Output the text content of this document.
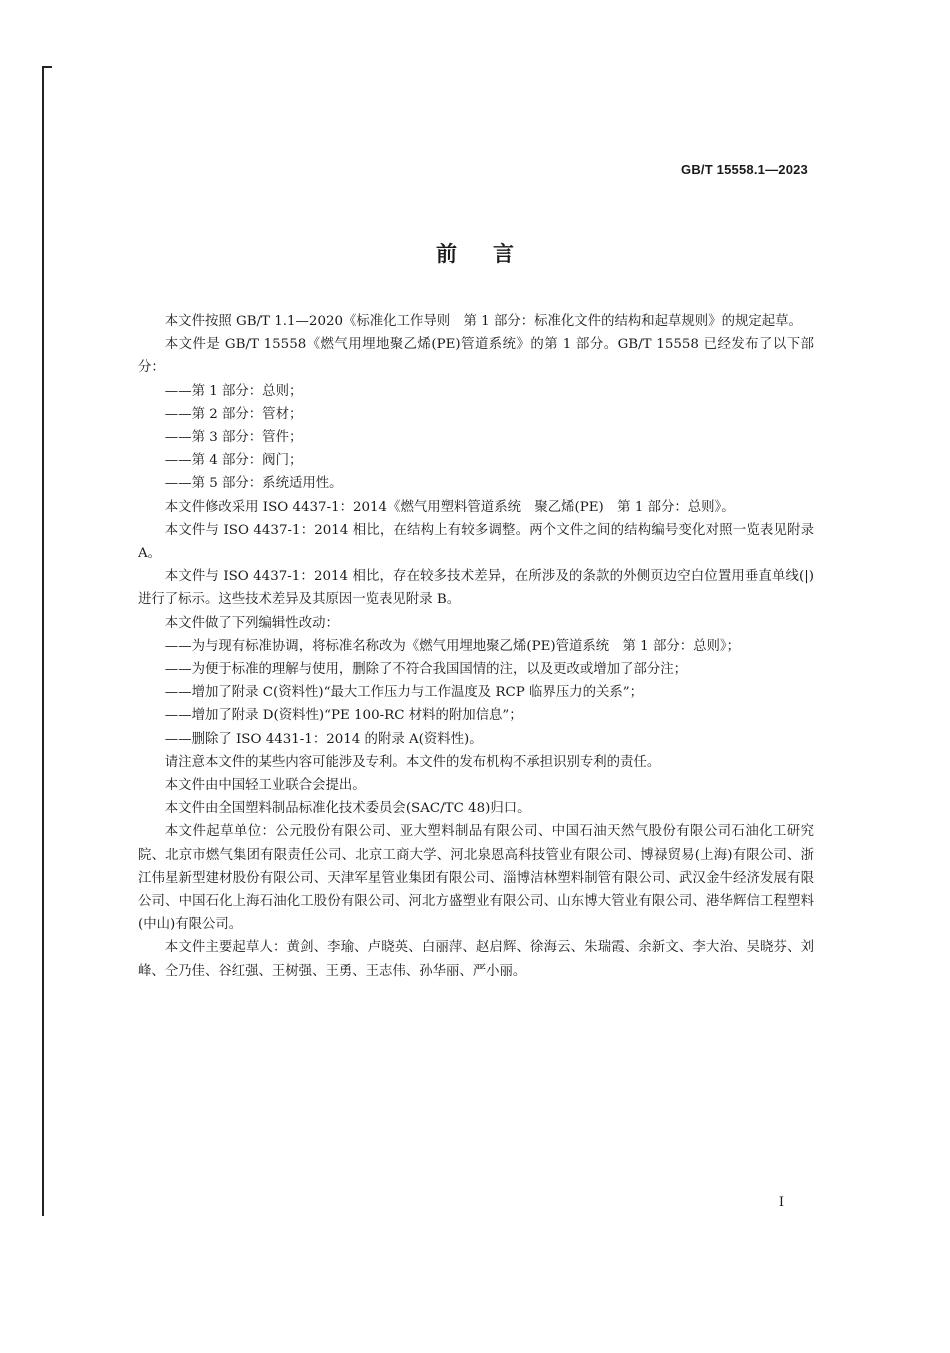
GB/T 15558.1—2023
前 言

本文件按照 GB/T 1.1—2020《标准化工作导则　第 1 部分：标准化文件的结构和起草规则》的规定起草。

本文件是 GB/T 15558《燃气用埋地聚乙烯(PE)管道系统》的第 1 部分。GB/T 15558 已经发布了以下部分：

——第 1 部分：总则；

——第 2 部分：管材；

——第 3 部分：管件；

——第 4 部分：阀门；

——第 5 部分：系统适用性。

本文件修改采用 ISO 4437-1：2014《燃气用塑料管道系统　聚乙烯(PE)　第 1 部分：总则》。

本文件与 ISO 4437-1：2014 相比，在结构上有较多调整。两个文件之间的结构编号变化对照一览表见附录 A。

本文件与 ISO 4437-1：2014 相比，存在较多技术差异，在所涉及的条款的外侧页边空白位置用垂直单线(|)进行了标示。这些技术差异及其原因一览表见附录 B。

本文件做了下列编辑性改动：

——为与现有标准协调，将标准名称改为《燃气用埋地聚乙烯(PE)管道系统　第 1 部分：总则》；

——为便于标准的理解与使用，删除了不符合我国国情的注，以及更改或增加了部分注；

——增加了附录 C(资料性)“最大工作压力与工作温度及 RCP 临界压力的关系”；

——增加了附录 D(资料性)“PE 100-RC 材料的附加信息”；

——删除了 ISO 4431-1：2014 的附录 A(资料性)。

请注意本文件的某些内容可能涉及专利。本文件的发布机构不承担识别专利的责任。

本文件由中国轻工业联合会提出。

本文件由全国塑料制品标准化技术委员会(SAC/TC 48)归口。

本文件起草单位：公元股份有限公司、亚大塑料制品有限公司、中国石油天然气股份有限公司石油化工研究院、北京市燃气集团有限责任公司、北京工商大学、河北泉恩高科技管业有限公司、博禄贸易(上海)有限公司、浙江伟星新型建材股份有限公司、天津军星管业集团有限公司、淄博洁林塑料制管有限公司、武汉金牛经济发展有限公司、中国石化上海石油化工股份有限公司、河北方盛塑业有限公司、山东博大管业有限公司、港华辉信工程塑料(中山)有限公司。

本文件主要起草人：黄剑、李瑜、卢晓英、白丽萍、赵启辉、徐海云、朱瑞霞、余新文、李大治、吴晓芬、刘峰、仝乃佳、谷红强、王树强、王勇、王志伟、孙华丽、严小丽。

I
